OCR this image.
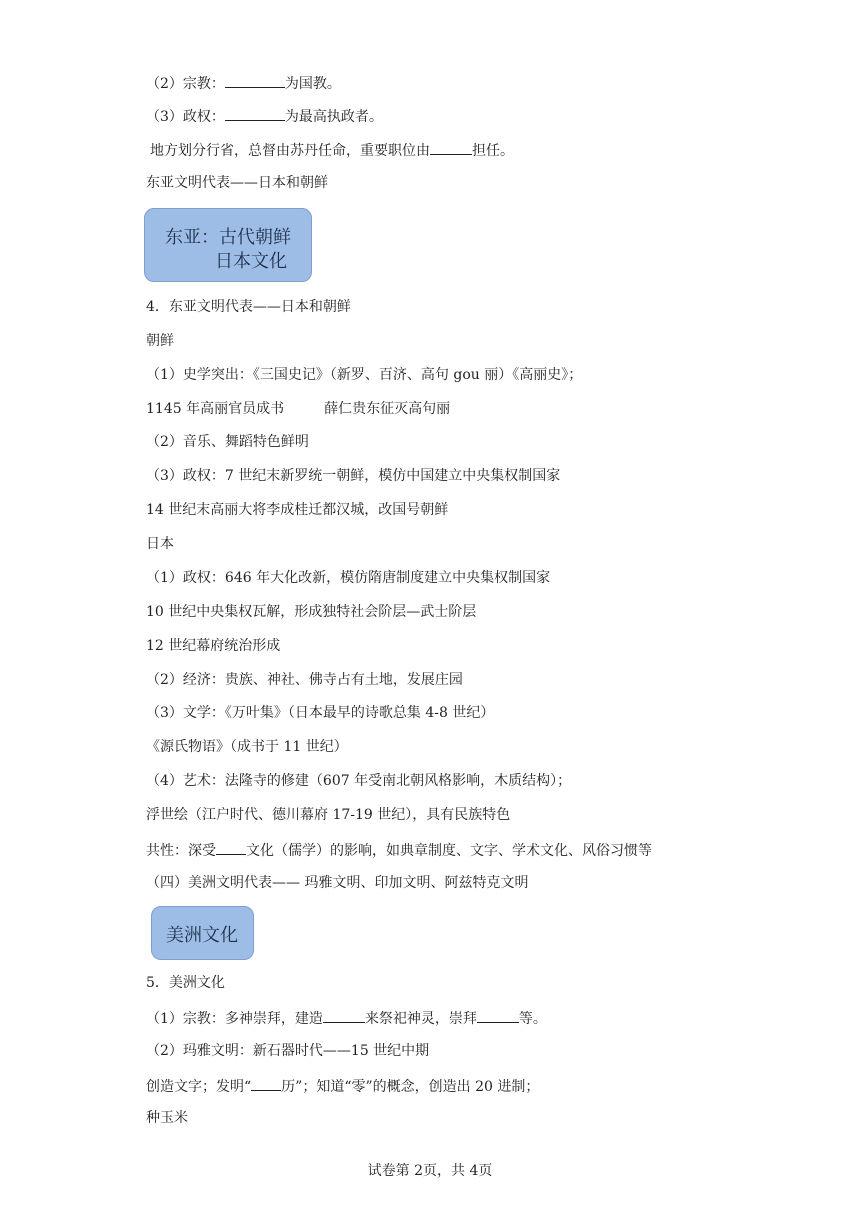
（2）宗教：	为国教。
（3）政权：	为最高执政者。
地方划分行省，总督由苏丹任命，重要职位由	担任。
东亚文明代表——日本和朝鲜
东亚：古代朝鲜
日本文化
4．东亚文明代表——日本和朝鲜
朝鲜
（1）史学突出：《三国史记》（新罗、百济、高句 gou 丽）《高丽史》；
1145 年高丽官员成书	薛仁贵东征灭高句丽
（2）音乐、舞蹈特色鲜明
（3）政权：7 世纪末新罗统一朝鲜，模仿中国建立中央集权制国家
14 世纪末高丽大将李成桂迁都汉城，改国号朝鲜
日本
（1）政权：646 年大化改新，模仿隋唐制度建立中央集权制国家
10 世纪中央集权瓦解，形成独特社会阶层—武士阶层
12 世纪幕府统治形成
（2）经济：贵族、神社、佛寺占有土地，发展庄园
（3）文学：《万叶集》（日本最早的诗歌总集 4-8 世纪）
《源氏物语》（成书于 11 世纪）
（4）艺术：法隆寺的修建（607 年受南北朝风格影响，木质结构）；
浮世绘（江户时代、德川幕府 17-19 世纪），具有民族特色
共性：深受 文化（儒学）的影响，如典章制度、文字、学术文化、风俗习惯等
（四）美洲文明代表—— 玛雅文明、印加文明、阿兹特克文明
美洲文化
5．美洲文化
（1）宗教：多神崇拜，建造	来祭祀神灵，崇拜	等。
（2）玛雅文明：新石器时代——15 世纪中期
创造文字；发明“ 历”；知道“零”的概念，创造出 20 进制；
种玉米
试卷第 2页，共 4页
